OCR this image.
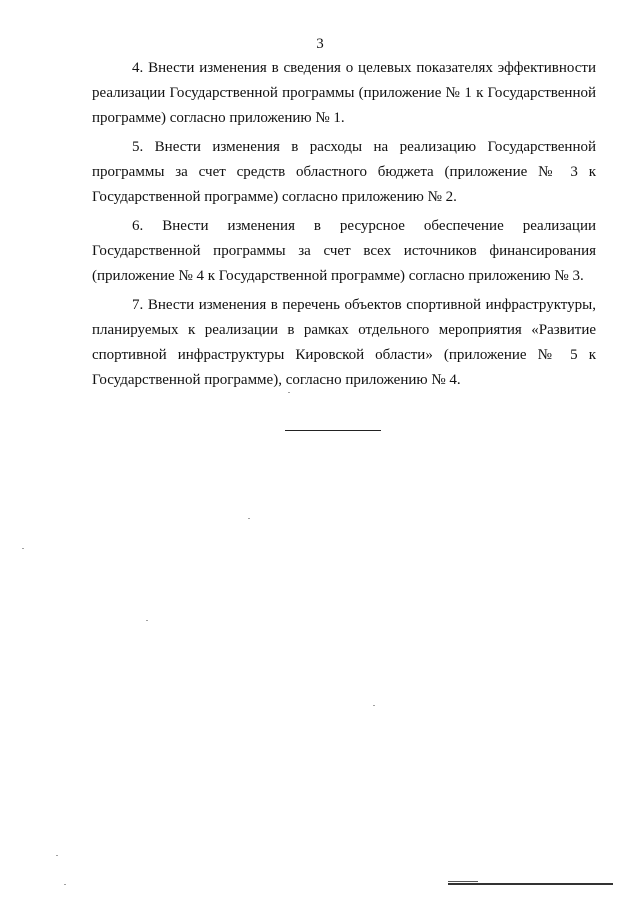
3

4. Внести изменения в сведения о целевых показателях эффективности реализации Государственной программы (приложение № 1 к Государственной программе) согласно приложению № 1.

5. Внести изменения в расходы на реализацию Государственной программы за счет средств областного бюджета (приложение № 3 к Государственной программе) согласно приложению № 2.

6. Внести изменения в ресурсное обеспечение реализации Государственной программы за счет всех источников финансирования (приложение № 4 к Государственной программе) согласно приложению № 3.

7. Внести изменения в перечень объектов спортивной инфраструктуры, планируемых к реализации в рамках отдельного мероприятия «Развитие спортивной инфраструктуры Кировской области» (приложение № 5 к Государственной программе), согласно приложению № 4.
